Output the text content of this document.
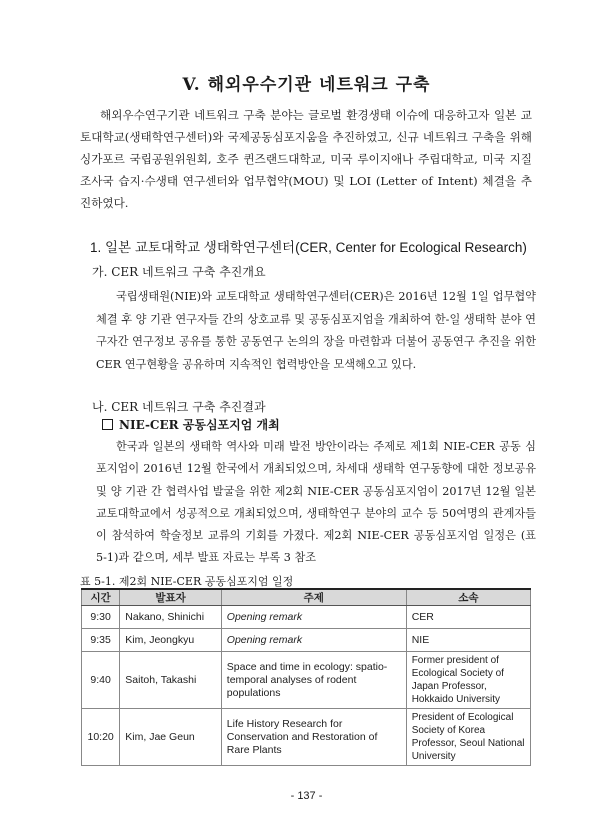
V. 해외우수기관 네트워크 구축
해외우수연구기관 네트워크 구축 분야는 글로벌 환경생태 이슈에 대응하고자 일본 교토대학교(생태학연구센터)와 국제공동심포지움을 추진하였고, 신규 네트워크 구축을 위해 싱가포르 국립공원위원회, 호주 퀸즈랜드대학교, 미국 루이지애나 주립대학교, 미국 지질조사국 습지·수생태 연구센터와 업무협약(MOU) 및 LOI (Letter of Intent) 체결을 추진하였다.
1. 일본 교토대학교 생태학연구센터(CER, Center for Ecological Research)
가. CER 네트워크 구축 추진개요
국립생태원(NIE)와 교토대학교 생태학연구센터(CER)은 2016년 12월 1일 업무협약 체결 후 양 기관 연구자들 간의 상호교류 및 공동심포지엄을 개최하여 한-일 생태학 분야 연구자간 연구정보 공유를 통한 공동연구 논의의 장을 마련함과 더불어 공동연구 추진을 위한 CER 연구현황을 공유하며 지속적인 협력방안을 모색해오고 있다.
나. CER 네트워크 구축 추진결과
NIE-CER 공동심포지엄 개최
한국과 일본의 생태학 역사와 미래 발전 방안이라는 주제로 제1회 NIE-CER 공동 심포지엄이 2016년 12월 한국에서 개최되었으며, 차세대 생태학 연구동향에 대한 정보공유 및 양 기관 간 협력사업 발굴을 위한 제2회 NIE-CER 공동심포지엄이 2017년 12월 일본 교토대학교에서 성공적으로 개최되었으며, 생태학연구 분야의 교수 등 50여명의 관계자들이 참석하여 학술정보 교류의 기회를 가졌다. 제2회 NIE-CER 공동심포지엄 일정은 (표 5-1)과 같으며, 세부 발표 자료는 부록 3 참조
표 5-1. 제2회 NIE-CER 공동심포지엄 일정
시간	발표자	주제	소속
9:30	Nakano, Shinichi	Opening remark	CER
9:35	Kim, Jeongkyu	Opening remark	NIE
9:40	Saitoh, Takashi	Space and time in ecology: spatio-temporal analyses of rodent populations	Former president of Ecological Society of Japan Professor, Hokkaido University
10:20	Kim, Jae Geun	Life History Research for Conservation and Restoration of Rare Plants	President of Ecological Society of Korea Professor, Seoul National University
- 137 -
